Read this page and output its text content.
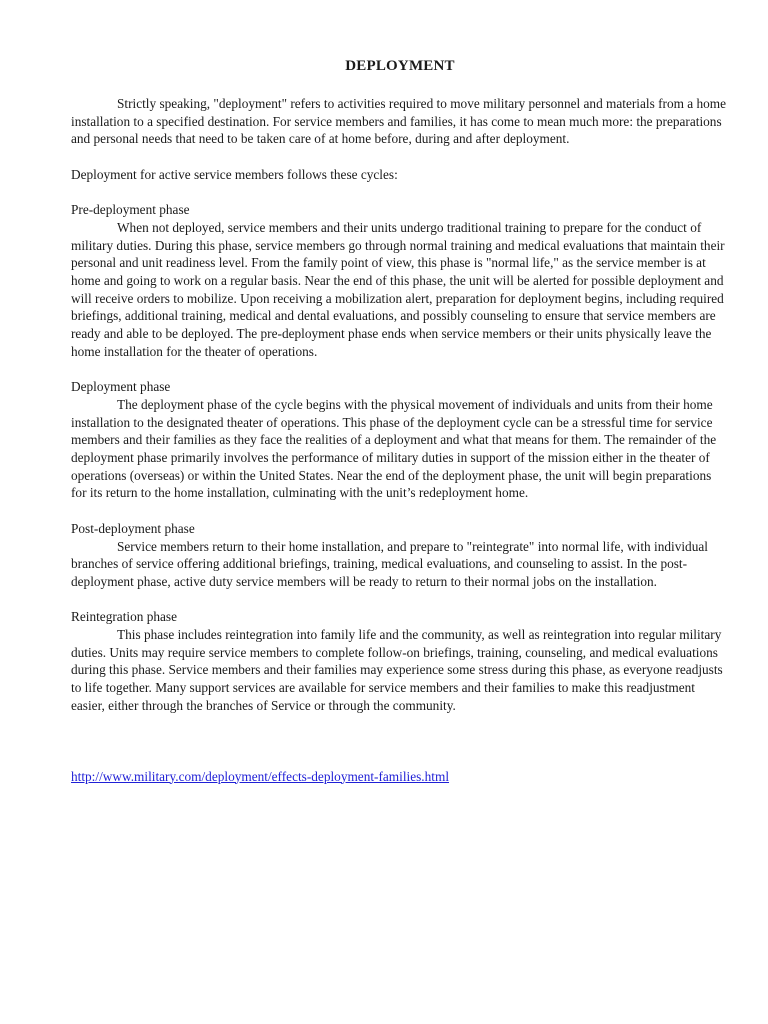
DEPLOYMENT

Strictly speaking, "deployment" refers to activities required to move military personnel and materials from a home installation to a specified destination. For service members and families, it has come to mean much more: the preparations and personal needs that need to be taken care of at home before, during and after deployment.

Deployment for active service members follows these cycles:

Pre-deployment phase

When not deployed, service members and their units undergo traditional training to prepare for the conduct of military duties. During this phase, service members go through normal training and medical evaluations that maintain their personal and unit readiness level. From the family point of view, this phase is "normal life," as the service member is at home and going to work on a regular basis. Near the end of this phase, the unit will be alerted for possible deployment and will receive orders to mobilize. Upon receiving a mobilization alert, preparation for deployment begins, including required briefings, additional training, medical and dental evaluations, and possibly counseling to ensure that service members are ready and able to be deployed. The pre-deployment phase ends when service members or their units physically leave the home installation for the theater of operations.

Deployment phase

The deployment phase of the cycle begins with the physical movement of individuals and units from their home installation to the designated theater of operations. This phase of the deployment cycle can be a stressful time for service members and their families as they face the realities of a deployment and what that means for them. The remainder of the deployment phase primarily involves the performance of military duties in support of the mission either in the theater of operations (overseas) or within the United States. Near the end of the deployment phase, the unit will begin preparations for its return to the home installation, culminating with the unit’s redeployment home.

Post-deployment phase

Service members return to their home installation, and prepare to "reintegrate" into normal life, with individual branches of service offering additional briefings, training, medical evaluations, and counseling to assist. In the post-deployment phase, active duty service members will be ready to return to their normal jobs on the installation.

Reintegration phase

This phase includes reintegration into family life and the community, as well as reintegration into regular military duties. Units may require service members to complete follow-on briefings, training, counseling, and medical evaluations during this phase. Service members and their families may experience some stress during this phase, as everyone readjusts to life together. Many support services are available for service members and their families to make this readjustment easier, either through the branches of Service or through the community.

http://www.military.com/deployment/effects-deployment-families.html
